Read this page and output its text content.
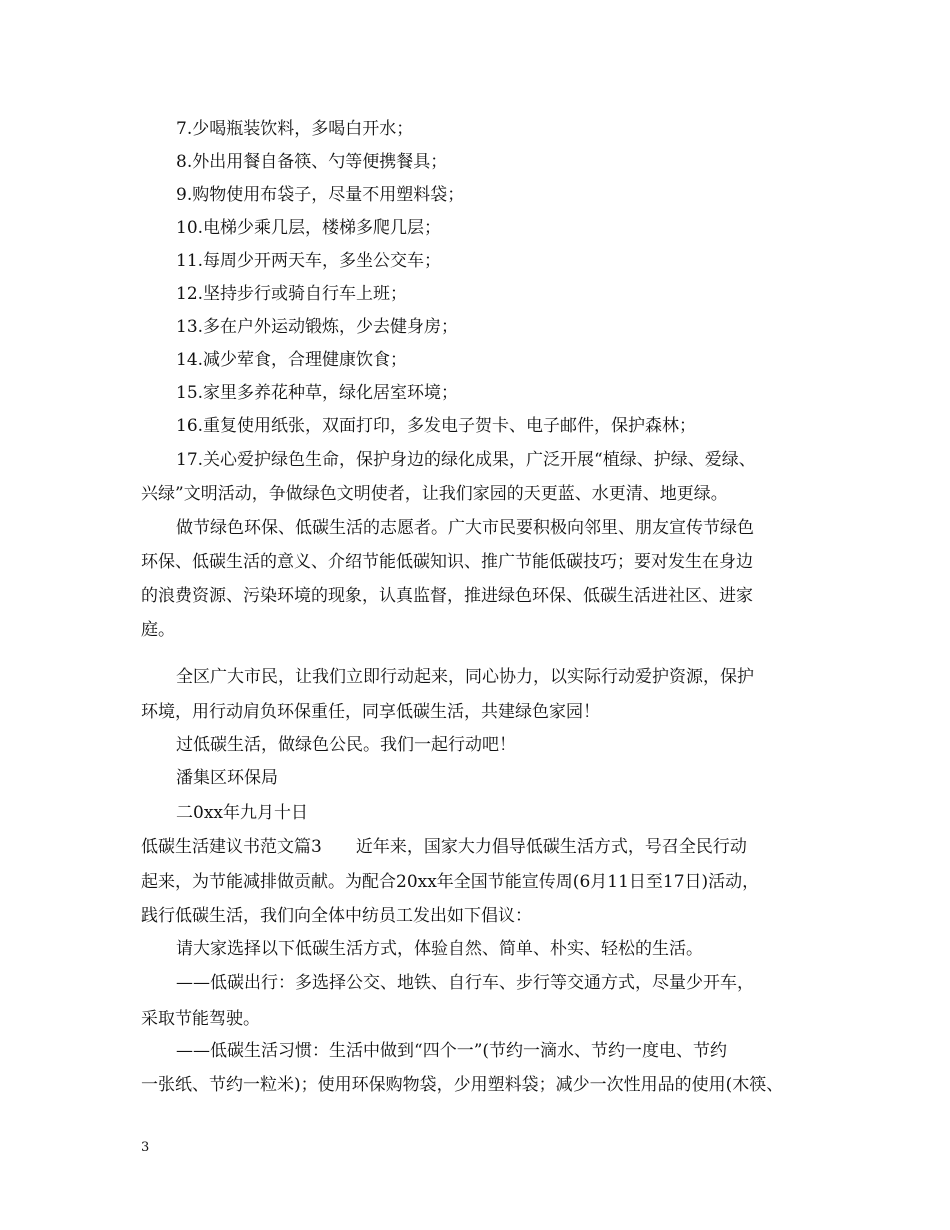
7.少喝瓶装饮料，多喝白开水；
8.外出用餐自备筷、勺等便携餐具；
9.购物使用布袋子，尽量不用塑料袋；
10.电梯少乘几层，楼梯多爬几层；
11.每周少开两天车，多坐公交车；
12.坚持步行或骑自行车上班；
13.多在户外运动锻炼，少去健身房；
14.减少荤食，合理健康饮食；
15.家里多养花种草，绿化居室环境；
16.重复使用纸张，双面打印，多发电子贺卡、电子邮件，保护森林；
17.关心爱护绿色生命，保护身边的绿化成果，广泛开展“植绿、护绿、爱绿、
兴绿”文明活动，争做绿色文明使者，让我们家园的天更蓝、水更清、地更绿。
做节绿色环保、低碳生活的志愿者。广大市民要积极向邻里、朋友宣传节绿色
环保、低碳生活的意义、介绍节能低碳知识、推广节能低碳技巧；要对发生在身边
的浪费资源、污染环境的现象，认真监督，推进绿色环保、低碳生活进社区、进家
庭。
全区广大市民，让我们立即行动起来，同心协力，以实际行动爱护资源，保护
环境，用行动肩负环保重任，同享低碳生活，共建绿色家园！
过低碳生活，做绿色公民。我们一起行动吧！
潘集区环保局
二0xx年九月十日
低碳生活建议书范文篇3　　近年来，国家大力倡导低碳生活方式，号召全民行动
起来，为节能减排做贡献。为配合20xx年全国节能宣传周(6月11日至17日)活动，
践行低碳生活，我们向全体中纺员工发出如下倡议：
请大家选择以下低碳生活方式，体验自然、简单、朴实、轻松的生活。
——低碳出行：多选择公交、地铁、自行车、步行等交通方式，尽量少开车，
采取节能驾驶。
——低碳生活习惯：生活中做到“四个一”(节约一滴水、节约一度电、节约
一张纸、节约一粒米)；使用环保购物袋，少用塑料袋；减少一次性用品的使用(木筷、
3
